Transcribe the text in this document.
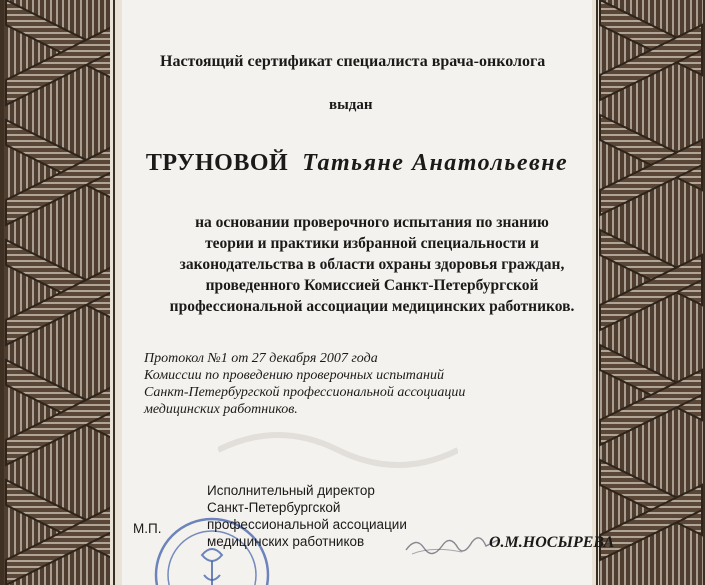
Настоящий сертификат специалиста врача-онколога
выдан
ТРУНОВОЙ Татьяне Анатольевне
на основании проверочного испытания по знанию
теории и практики избранной специальности и
законодательства в области охраны здоровья граждан,
проведенного Комиссией Санкт-Петербургской
профессиональной ассоциации медицинских работников.
Протокол №1 от 27 декабря 2007 года
Комиссии по проведению проверочных испытаний
Санкт-Петербургской профессиональной ассоциации
медицинских работников.
Исполнительный директор
Санкт-Петербургской
профессиональной ассоциации
медицинских работников
М.П.
О.М.НОСЫРЕВА
